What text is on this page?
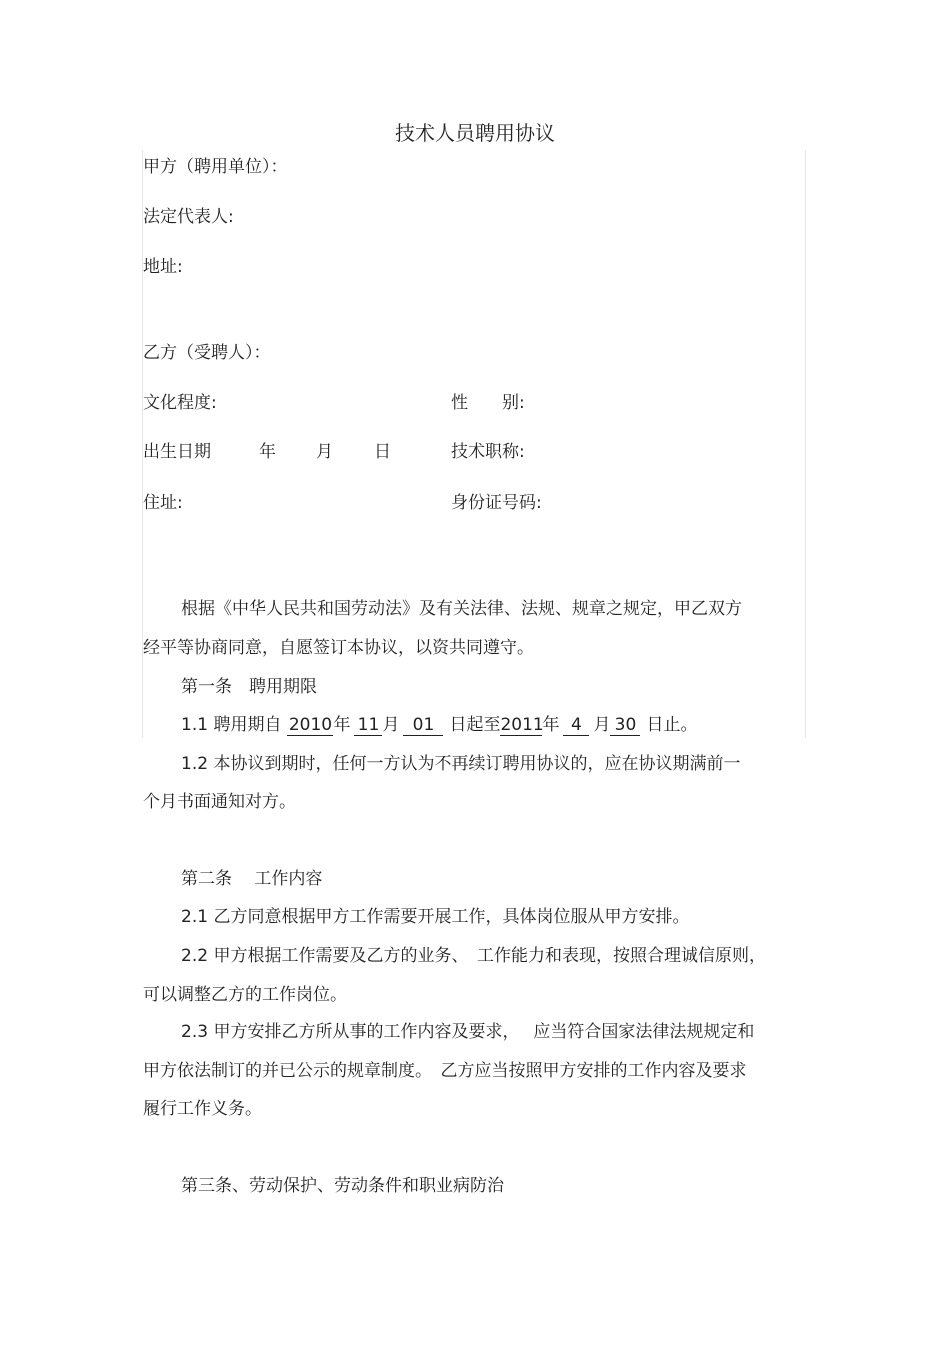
技术人员聘用协议
甲方（聘用单位）：
法定代表人:
地址:
乙方（受聘人）：
文化程度:	性　　别:
出生日期	年 月 日	技术职称:
住址:	身份证号码:
根据《中华人民共和国劳动法》及有关法律、法规、规章之规定，甲乙双方
经平等协商同意，自愿签订本协议，以资共同遵守。
第一条　聘用期限
1.1 聘用期自 2010年 11 月 01 日起至2011年 4 月 30 日止。
1.2 本协议到期时，任何一方认为不再续订聘用协议的，应在协议期满前一
个月书面通知对方。
第二条　 工作内容
2.1 乙方同意根据甲方工作需要开展工作，具体岗位服从甲方安排。
2.2 甲方根据工作需要及乙方的业务、　工作能力和表现，按照合理诚信原则，
可以调整乙方的工作岗位。
2.3 甲方安排乙方所从事的工作内容及要求，　 应当符合国家法律法规规定和
甲方依法制订的并已公示的规章制度。　乙方应当按照甲方安排的工作内容及要求
履行工作义务。
第三条、劳动保护、劳动条件和职业病防治
